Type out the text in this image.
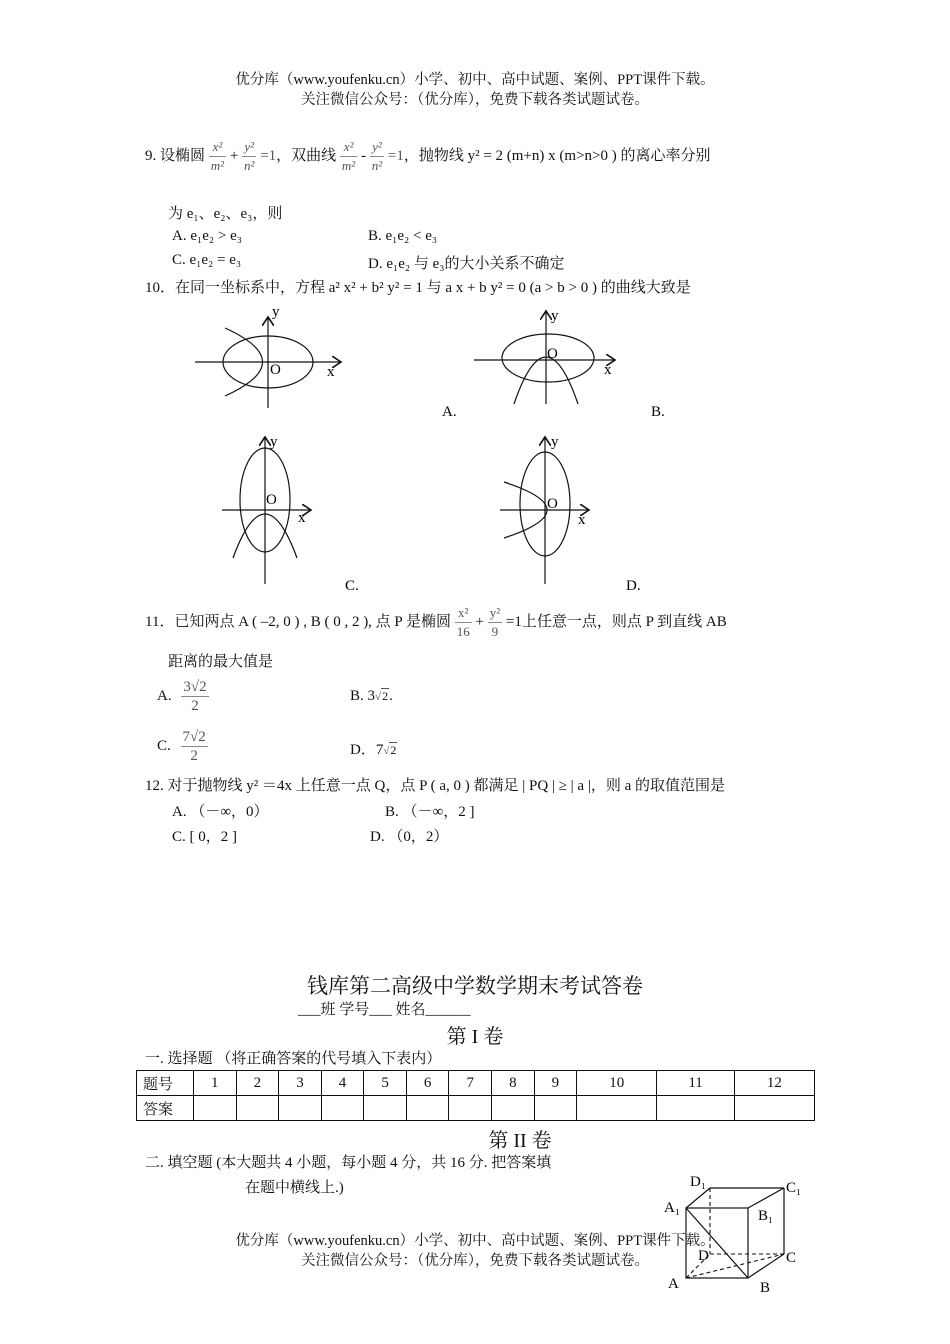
优分库（www.youfenku.cn）小学、初中、高中试题、案例、PPT课件下载。
关注微信公众号：（优分库），免费下载各类试题试卷。
9. 设椭圆 $\frac{\text{x²}}{\text{m²}} + \frac{\text{y²}}{\text{n²}} =1$，双曲线 $\frac{\text{x²}}{\text{m²}} - \frac{\text{y²}}{\text{n²}} =1$，抛物线 y² = 2 (m+n) x (m>n>0 ) 的离心率分别
为 e₁、e₂、e₃，则
A. e₁e₂ > e₃	B. e₁e₂ < e₃
C. e₁e₂ = e₃	D. e₁e₂ 与 e₃的大小关系不确定
10．在同一坐标系中，方程 a² x² + b² y² = 1 与 a x + b y² = 0 (a > b > 0 ) 的曲线大致是
y
x
O
y
x
O
A.	B.
y
x
O
y
x
O
C.	D.
11．已知两点 A ( –2, 0 ) , B ( 0 , 2 ), 点 P 是椭圆 $\frac{\text{x²}}{16} + \frac{\text{y²}}{9} =1$上任意一点，则点 P 到直线 AB
距离的最大值是
A. $\frac{3√2}{2}$	B. 3√2.
C. $\frac{7√2}{2}$	D．7√2
12. 对于抛物线 y² ＝4x 上任意一点 Q，点 P ( a, 0 ) 都满足 | PQ | ≥ | a |，则 a 的取值范围是
A. （－∞，0）	B. （－∞，2 ]
C. [ 0，2 ]	D. （0，2）
钱库第二高级中学数学期末考试答卷
___班 学号___ 姓名______
第 I 卷
一. 选择题 （将正确答案的代号填入下表内）
题号	1	2	3	4	5	6	7	8	9	10	11	12
答案												
第 II 卷
二. 填空题 (本大题共 4 小题，每小题 4 分，共 16 分. 把答案填
在题中横线上.)	D₁	C₁
A₁	B₁
D	C
A	B
优分库（www.youfenku.cn）小学、初中、高中试题、案例、PPT课件下载。
关注微信公众号：（优分库），免费下载各类试题试卷。
